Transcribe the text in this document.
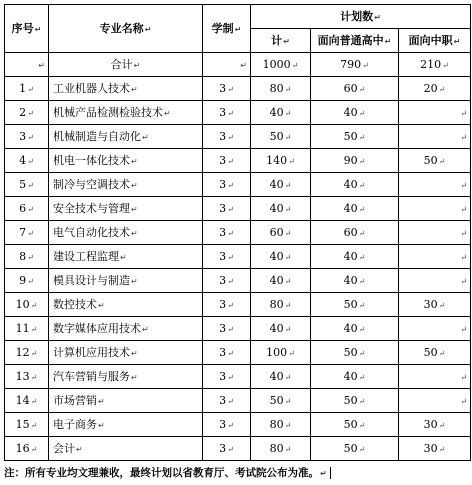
序号↵	专业名称↵	学制↵	计划数↵		
			计↵	面向普通高中↵	面向中职↵
↵	合计↵	↵	1000↵	790↵	210↵
1↵	工业机器人技术↵	3↵	80↵	60↵	20↵
2↵	机械产品检测检验技术↵	3↵	40↵	40↵	↵
3↵	机械制造与自动化↵	3↵	50↵	50↵	↵
4↵	机电一体化技术↵	3↵	140↵	90↵	50↵
5↵	制冷与空调技术↵	3↵	40↵	40↵	↵
6↵	安全技术与管理↵	3↵	40↵	40↵	↵
7↵	电气自动化技术↵	3↵	60↵	60↵	↵
8↵	建设工程监理↵	3↵	40↵	40↵	↵
9↵	模具设计与制造↵	3↵	40↵	40↵	↵
10↵	数控技术↵	3↵	80↵	50↵	30↵
11↵	数字媒体应用技术↵	3↵	40↵	40↵	↵
12↵	计算机应用技术↵	3↵	100↵	50↵	50↵
13↵	汽车营销与服务↵	3↵	40↵	40↵	↵
14↵	市场营销↵	3↵	50↵	50↵	↵
15↵	电子商务↵	3↵	80↵	50↵	30↵
16↵	会计↵	3↵	80↵	50↵	30↵
注：所有专业均文理兼收，最终计划以省教育厅、考试院公布为准。↵
